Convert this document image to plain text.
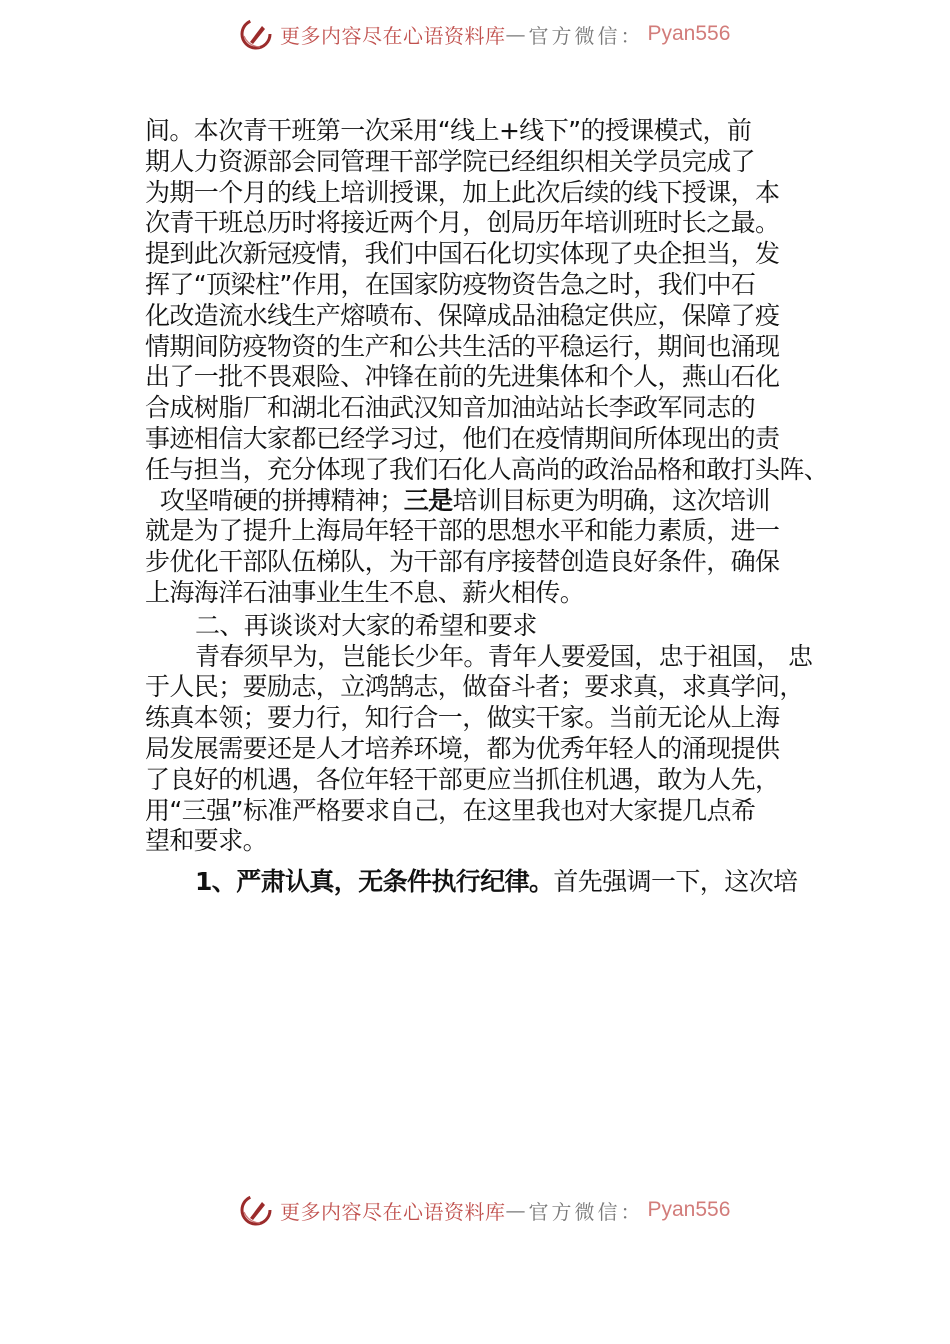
更多内容尽在心语资料库 — 官方微信： Pyan556
间。本次青干班第一次采用“线上+线下”的授课模式，前
期人力资源部会同管理干部学院已经组织相关学员完成了
为期一个月的线上培训授课，加上此次后续的线下授课，本
次青干班总历时将接近两个月，创局历年培训班时长之最。
提到此次新冠疫情，我们中国石化切实体现了央企担当，发
挥了“顶梁柱”作用，在国家防疫物资告急之时，我们中石
化改造流水线生产熔喷布、保障成品油稳定供应，保障了疫
情期间防疫物资的生产和公共生活的平稳运行，期间也涌现
出了一批不畏艰险、冲锋在前的先进集体和个人，燕山石化
合成树脂厂和湖北石油武汉知音加油站站长李政军同志的
事迹相信大家都已经学习过，他们在疫情期间所体现出的责
任与担当，充分体现了我们石化人高尚的政治品格和敢打头阵、
攻坚啃硬的拼搏精神；三是培训目标更为明确，这次培训
就是为了提升上海局年轻干部的思想水平和能力素质，进一
步优化干部队伍梯队，为干部有序接替创造良好条件，确保
上海海洋石油事业生生不息、薪火相传。
二、再谈谈对大家的希望和要求
青春须早为，岂能长少年。青年人要爱国，忠于祖国， 忠
于人民；要励志，立鸿鹄志，做奋斗者；要求真，求真学问，
练真本领；要力行，知行合一，做实干家。当前无论从上海
局发展需要还是人才培养环境，都为优秀年轻人的涌现提供
了良好的机遇，各位年轻干部更应当抓住机遇，敢为人先，
用“三强”标准严格要求自己，在这里我也对大家提几点希
望和要求。
1、严肃认真，无条件执行纪律。首先强调一下，这次培
更多内容尽在心语资料库 — 官方微信： Pyan556
